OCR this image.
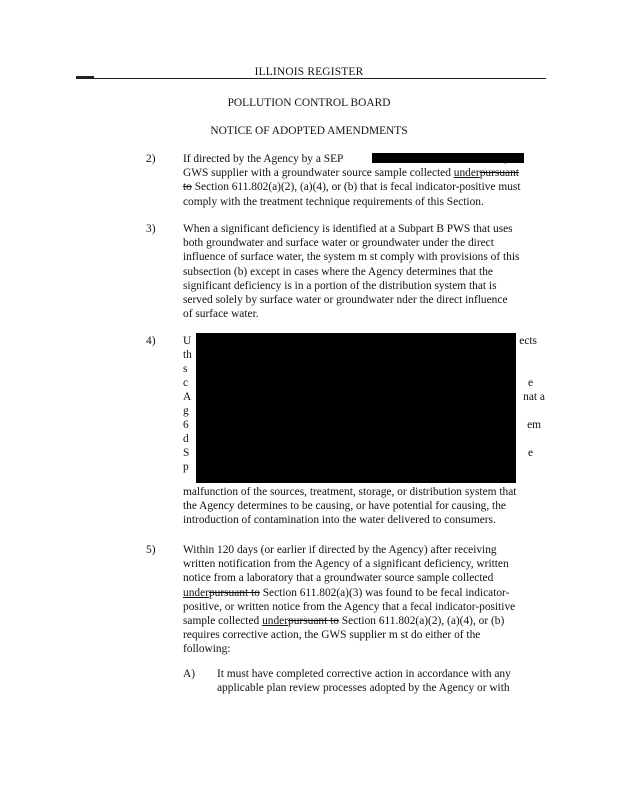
ILLINOIS REGISTER
POLLUTION CONTROL BOARD
NOTICE OF ADOPTED AMENDMENTS
2) If directed by the Agency by a SEP
GWS supplier with a groundwater source sample collected underpursuant
to Section 611.802(a)(2), (a)(4), or (b) that is fecal indicator-positive must
comply with the treatment technique requirements of this Section.
3) When a significant deficiency is identified at a Subpart B PWS that uses
both groundwater and surface water or groundwater under the direct
influence of surface water, the system m st comply with provisions of this
subsection (b) except in cases where the Agency determines that the
significant deficiency is in a portion of the distribution system that is
served solely by surface water or groundwater nder the direct influence
of surface water.
4) U
th
s
c
A
g
6
d
S
p
ects
e
nat a
em
e
malfunction of the sources, treatment, storage, or distribution system that
the Agency determines to be causing, or have potential for causing, the
introduction of contamination into the water delivered to consumers.
5) Within 120 days (or earlier if directed by the Agency) after receiving
written notification from the Agency of a significant deficiency, written
notice from a laboratory that a groundwater source sample collected
underpursuant to Section 611.802(a)(3) was found to be fecal indicator-
positive, or written notice from the Agency that a fecal indicator-positive
sample collected underpursuant to Section 611.802(a)(2), (a)(4), or (b)
requires corrective action, the GWS supplier m st do either of the
following:
A) It must have completed corrective action in accordance with any
applicable plan review processes adopted by the Agency or with
